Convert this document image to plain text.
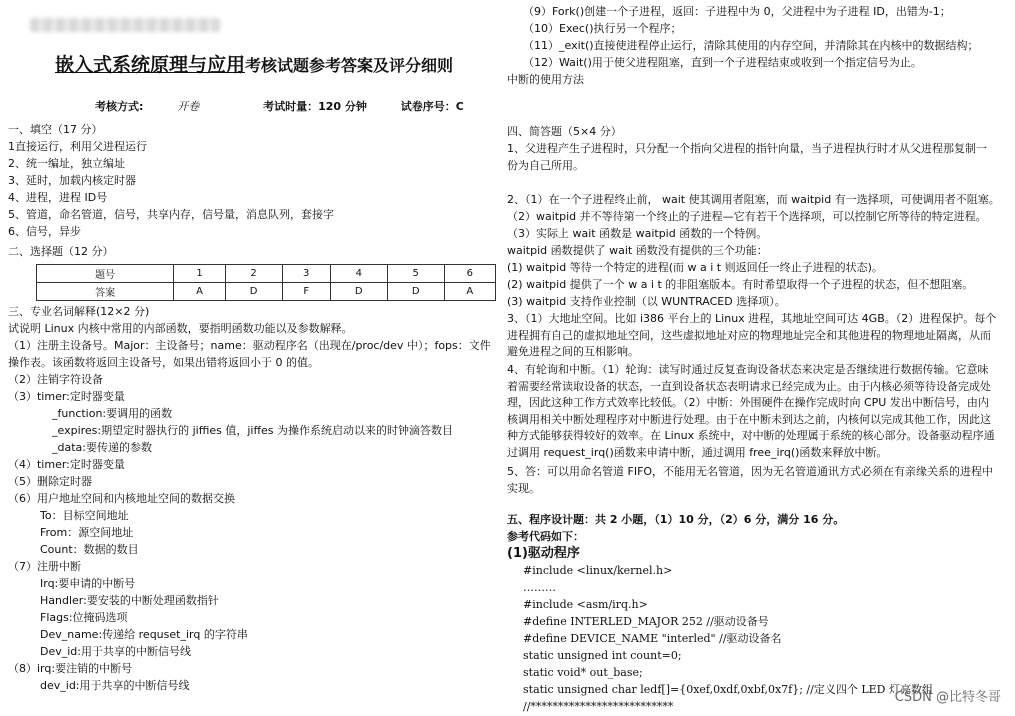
嵌入式系统原理与应用考核试题参考答案及评分细则
考核方式:	开卷	考试时量：120 分钟	试卷序号：C
一、填空（17 分）
1直接运行，利用父进程运行
2、统一编址，独立编址
3、延时，加载内核定时器
4、进程，进程 ID号
5、管道，命名管道，信号，共享内存，信号量，消息队列，套接字
6、信号，异步
二、选择题（12 分）
三、专业名词解释(12×2 分)
试说明 Linux 内核中常用的内部函数，要指明函数功能以及参数解释。
（1）注册主设备号。Major：主设备号；name：驱动程序名（出现在/proc/dev 中）；fops：文件操作表。该函数将返回主设备号，如果出错将返回小于 0 的值。
（2）注销字符设备
（3）timer:定时器变量
_function:要调用的函数
_expires:期望定时器执行的 jiffies 值，jiffes 为操作系统启动以来的时钟滴答数目
_data:要传递的参数
（4）timer:定时器变量
（5）删除定时器
（6）用户地址空间和内核地址空间的数据交换
To：目标空间地址
From：源空间地址
Count：数据的数目
（7）注册中断
Irq:要申请的中断号
Handler:要安装的中断处理函数指针
Flags:位掩码选项
Dev_name:传递给 requset_irq 的字符串
Dev_id:用于共享的中断信号线
（8）irq:要注销的中断号
dev_id:用于共享的中断信号线
题号	1	2	3	4	5	6
答案	A	D	F	D	D	A
（9）Fork()创建一个子进程，返回：子进程中为 0，父进程中为子进程 ID，出错为-1；
（10）Exec()执行另一个程序；
（11）_exit()直接使进程停止运行，清除其使用的内存空间，并清除其在内核中的数据结构；
（12）Wait()用于使父进程阻塞，直到一个子进程结束或收到一个指定信号为止。
中断的使用方法
四、简答题（5×4 分）
1、父进程产生子进程时，只分配一个指向父进程的指针向量，当子进程执行时才从父进程那复制一份为自己所用。
2、（1）在一个子进程终止前， wait 使其调用者阻塞，而 waitpid 有一选择项，可使调用者不阻塞。
（2）waitpid 并不等待第一个终止的子进程—它有若干个选择项，可以控制它所等待的特定进程。
（3）实际上 wait 函数是 waitpid 函数的一个特例。
waitpid 函数提供了 wait 函数没有提供的三个功能：
(1) waitpid 等待一个特定的进程(而 w a i t 则返回任一终止子进程的状态)。
(2) waitpid 提供了一个 w a i t 的非阻塞版本。有时希望取得一个子进程的状态，但不想阻塞。
(3) waitpid 支持作业控制（以 WUNTRACED 选择项）。
3、（1）大地址空间。比如 i386 平台上的 Linux 进程，其地址空间可达 4GB。（2）进程保护。每个进程拥有自己的虚拟地址空间，这些虚拟地址对应的物理地址完全和其他进程的物理地址隔离，从而避免进程之间的互相影响。
4、有轮询和中断。（1）轮询：读写时通过反复查询设备状态来决定是否继续进行数据传输。它意味着需要经常读取设备的状态，一直到设备状态表明请求已经完成为止。由于内核必须等待设备完成处理，因此这种工作方式效率比较低。（2）中断：外围硬件在操作完成时向 CPU 发出中断信号，由内核调用相关中断处理程序对中断进行处理。由于在中断未到达之前，内核何以完成其他工作，因此这种方式能够获得较好的效率。在 Linux 系统中，对中断的处理属于系统的核心部分。设备驱动程序通过调用 request_irq()函数来申请中断，通过调用 free_irq()函数来释放中断。
5、答：可以用命名管道 FIFO，不能用无名管道，因为无名管道通讯方式必须在有亲缘关系的进程中实现。
五、程序设计题：共 2 小题，（1）10 分，（2）6 分，满分 16 分。
参考代码如下：
(1)驱动程序
#include <linux/kernel.h>
………
#include <asm/irq.h>
#define INTERLED_MAJOR 252 //驱动设备号
#define DEVICE_NAME "interled" //驱动设备名
static unsigned int count=0;
static void* out_base;
static unsigned char ledf[]={0xef,0xdf,0xbf,0x7f}; //定义四个 LED 灯亮数组
//**************************
CSDN @比特冬哥
